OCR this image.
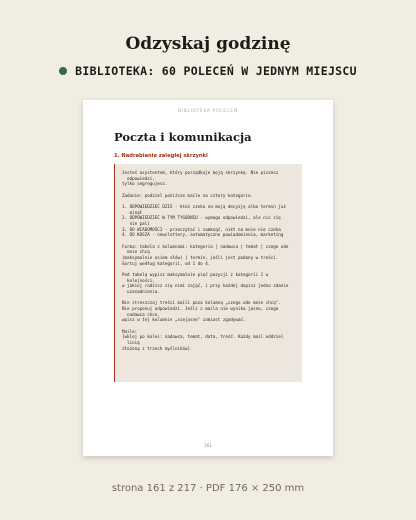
Odzyskaj godzinę
BIBLIOTEKA: 60 POLECEŃ W JEDNYM MIEJSCU
BIBLIOTEKA POLECEŃ
Poczta i komunikacja
1. Nadrabianie zaległej skrzynki
Jesteś asystentem, który porządkuje moją skrzynkę. Nie piszesz
odpowiedzi,
tylko segregujesz.

Zadanie: podziel poniższe maile na cztery kategorie.

1. ODPOWIEDZIEĆ DZIŚ - ktoś czeka na moją decyzję albo termin już
minął
2. ODPOWIEDZIEĆ W TYM TYGODNIU - wymaga odpowiedzi, ale nic się
nie pali
3. DO WIADOMOŚCI - przeczytać i zamknąć, nikt na mnie nie czeka
4. DO KOSZA - newslettery, automatyczne powiadomienia, marketing

Forma: tabela z kolumnami: kategoria | nadawca | temat | czego ode
mnie chcą
(maksymalnie osiem słów) | termin, jeśli jest podany w treści.
Sortuj według kategorii, od 1 do 4.

Pod tabelą wypisz maksymalnie pięć pozycji z kategorii 1 w
kolejności,
w jakiej radzisz się nimi zająć, i przy każdej dopisz jedno zdanie
uzasadnienia.

Nie streszczaj treści maili poza kolumną „czego ode mnie chcą".
Nie proponuj odpowiedzi. Jeśli z maila nie wynika jasno, czego
nadawca chce,
wpisz w tej kolumnie „niejasne" zamiast zgadywać.

Maile:
[wklej po kolei: nadawca, temat, data, treść. Każdy mail oddziel
linią
złożoną z trzech myślników]
161
strona 161 z 217 · PDF 176 × 250 mm
